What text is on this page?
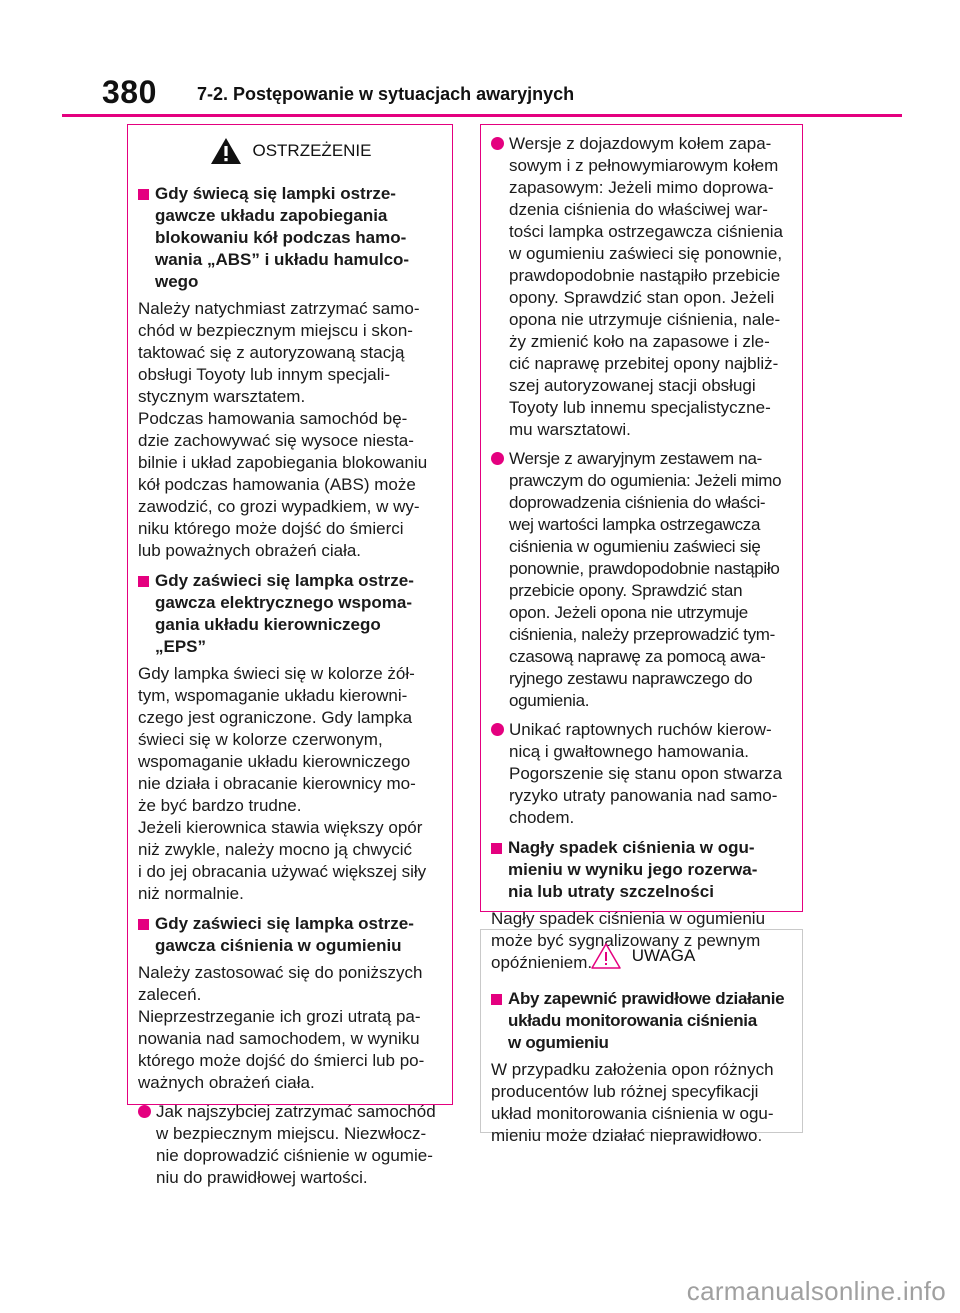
380 7-2. Postępowanie w sytuacjach awaryjnych
OSTRZEŻENIE
Gdy świecą się lampki ostrze-
gawcze układu zapobiegania
blokowaniu kół podczas hamo-
wania „ABS” i układu hamulco-
wego
Należy natychmiast zatrzymać samo-
chód w bezpiecznym miejscu i skon-
taktować się z autoryzowaną stacją
obsługi Toyoty lub innym specjali-
stycznym warsztatem.
Podczas hamowania samochód bę-
dzie zachowywać się wysoce niesta-
bilnie i układ zapobiegania blokowaniu
kół podczas hamowania (ABS) może
zawodzić, co grozi wypadkiem, w wy-
niku którego może dojść do śmierci
lub poważnych obrażeń ciała.
Gdy zaświeci się lampka ostrze-
gawcza elektrycznego wspoma-
gania układu kierowniczego
„EPS”
Gdy lampka świeci się w kolorze żół-
tym, wspomaganie układu kierowni-
czego jest ograniczone. Gdy lampka
świeci się w kolorze czerwonym,
wspomaganie układu kierowniczego
nie działa i obracanie kierownicy mo-
że być bardzo trudne.
Jeżeli kierownica stawia większy opór
niż zwykle, należy mocno ją chwycić
i do jej obracania używać większej siły
niż normalnie.
Gdy zaświeci się lampka ostrze-
gawcza ciśnienia w ogumieniu
Należy zastosować się do poniższych
zaleceń.
Nieprzestrzeganie ich grozi utratą pa-
nowania nad samochodem, w wyniku
którego może dojść do śmierci lub po-
ważnych obrażeń ciała.
Jak najszybciej zatrzymać samochód
w bezpiecznym miejscu. Niezwłocz-
nie doprowadzić ciśnienie w ogumie-
niu do prawidłowej wartości.
Wersje z dojazdowym kołem zapa-
sowym i z pełnowymiarowym kołem
zapasowym: Jeżeli mimo doprowa-
dzenia ciśnienia do właściwej war-
tości lampka ostrzegawcza ciśnienia
w ogumieniu zaświeci się ponownie,
prawdopodobnie nastąpiło przebicie
opony. Sprawdzić stan opon. Jeżeli
opona nie utrzymuje ciśnienia, nale-
ży zmienić koło na zapasowe i zle-
cić naprawę przebitej opony najbliż-
szej autoryzowanej stacji obsługi
Toyoty lub innemu specjalistyczne-
mu warsztatowi.
Wersje z awaryjnym zestawem na-
prawczym do ogumienia: Jeżeli mimo
doprowadzenia ciśnienia do właści-
wej wartości lampka ostrzegawcza
ciśnienia w ogumieniu zaświeci się
ponownie, prawdopodobnie nastąpiło
przebicie opony. Sprawdzić stan
opon. Jeżeli opona nie utrzymuje
ciśnienia, należy przeprowadzić tym-
czasową naprawę za pomocą awa-
ryjnego zestawu naprawczego do
ogumienia.
Unikać raptownych ruchów kierow-
nicą i gwałtownego hamowania.
Pogorszenie się stanu opon stwarza
ryzyko utraty panowania nad samo-
chodem.
Nagły spadek ciśnienia w ogu-
mieniu w wyniku jego rozerwa-
nia lub utraty szczelności
Nagły spadek ciśnienia w ogumieniu
może być sygnalizowany z pewnym
opóźnieniem.	UWAGA
Aby zapewnić prawidłowe działanie
układu monitorowania ciśnienia
w ogumieniu
W przypadku założenia opon różnych
producentów lub różnej specyfikacji
układ monitorowania ciśnienia w ogu-
mieniu może działać nieprawidłowo.
carmanualsonline.info
